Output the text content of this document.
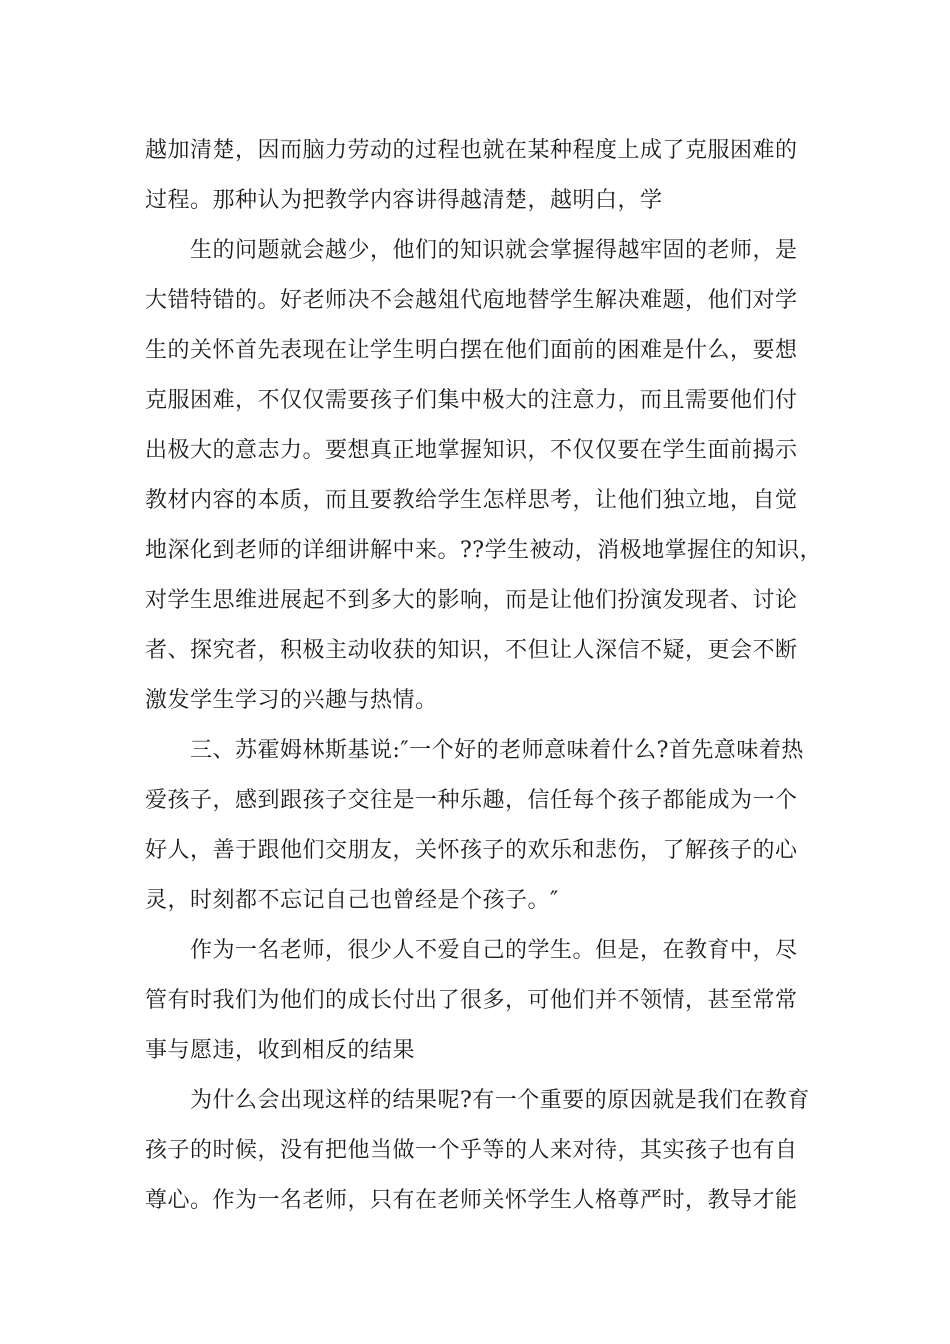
越加清楚，因而脑力劳动的过程也就在某种程度上成了克服困难的
过程。那种认为把教学内容讲得越清楚，越明白，学
生的问题就会越少，他们的知识就会掌握得越牢固的老师，是
大错特错的。好老师决不会越俎代庖地替学生解决难题，他们对学
生的关怀首先表现在让学生明白摆在他们面前的困难是什么，要想
克服困难，不仅仅需要孩子们集中极大的注意力，而且需要他们付
出极大的意志力。要想真正地掌握知识，不仅仅要在学生面前揭示
教材内容的本质，而且要教给学生怎样思考，让他们独立地，自觉
地深化到老师的详细讲解中来。??学生被动，消极地掌握住的知识，
对学生思维进展起不到多大的影响，而是让他们扮演发现者、讨论
者、探究者，积极主动收获的知识，不但让人深信不疑，更会不断
激发学生学习的兴趣与热情。
三、苏霍姆林斯基说:″一个好的老师意味着什么?首先意味着热
爱孩子，感到跟孩子交往是一种乐趣，信任每个孩子都能成为一个
好人，善于跟他们交朋友，关怀孩子的欢乐和悲伤，了解孩子的心
灵，时刻都不忘记自己也曾经是个孩子。″
作为一名老师，很少人不爱自己的学生。但是，在教育中，尽
管有时我们为他们的成长付出了很多，可他们并不领情，甚至常常
事与愿违，收到相反的结果
为什么会出现这样的结果呢?有一个重要的原因就是我们在教育
孩子的时候，没有把他当做一个乎等的人来对待，其实孩子也有自
尊心。作为一名老师，只有在老师关怀学生人格尊严时，教导才能
